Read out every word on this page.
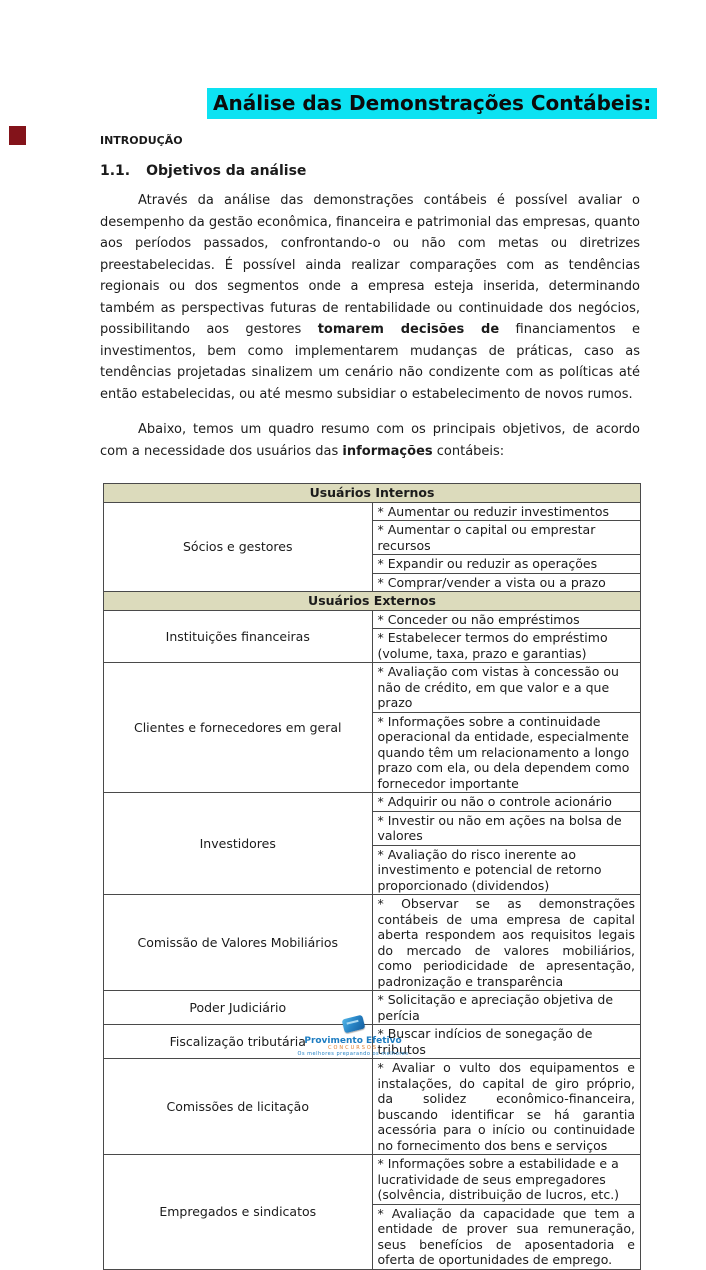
Análise das Demonstrações Contábeis:
INTRODUÇÃO
1.1. Objetivos da análise

Através da análise das demonstrações contábeis é possível avaliar o desempenho da gestão econômica, financeira e patrimonial das empresas, quanto aos períodos passados, confrontando-o ou não com metas ou diretrizes preestabelecidas. É possível ainda realizar comparações com as tendências regionais ou dos segmentos onde a empresa esteja inserida, determinando também as perspectivas futuras de rentabilidade ou continuidade dos negócios, possibilitando aos gestores tomarem decisões de financiamentos e investimentos, bem como implementarem mudanças de práticas, caso as tendências projetadas sinalizem um cenário não condizente com as políticas até então estabelecidas, ou até mesmo subsidiar o estabelecimento de novos rumos.

Abaixo, temos um quadro resumo com os principais objetivos, de acordo com a necessidade dos usuários das informações contábeis:

Usuários Internos	
Sócios e gestores	* Aumentar ou reduzir investimentos
	* Aumentar o capital ou emprestar recursos
	* Expandir ou reduzir as operações
	* Comprar/vender a vista ou a prazo
Usuários Externos	
Instituições financeiras	* Conceder ou não empréstimos
	* Estabelecer termos do empréstimo (volume, taxa, prazo e garantias)
Clientes e fornecedores em geral	* Avaliação com vistas à concessão ou não de crédito, em que valor e a que prazo
	* Informações sobre a continuidade operacional da entidade, especialmente quando têm um relacionamento a longo prazo com ela, ou dela dependem como fornecedor importante
Investidores	* Adquirir ou não o controle acionário
	* Investir ou não em ações na bolsa de valores
	* Avaliação do risco inerente ao investimento e potencial de retorno proporcionado (dividendos)
Comissão de Valores Mobiliários	* Observar se as demonstrações contábeis de uma empresa de capital aberta respondem aos requisitos legais do mercado de valores mobiliários, como periodicidade de apresentação, padronização e transparência
Poder Judiciário	* Solicitação e apreciação objetiva de perícia
Fiscalização tributária	* Buscar indícios de sonegação de tributos
Comissões de licitação	* Avaliar o vulto dos equipamentos e instalações, do capital de giro próprio, da solidez econômico-financeira, buscando identificar se há garantia acessória para o início ou continuidade no fornecimento dos bens e serviços
Empregados e sindicatos	* Informações sobre a estabilidade e a lucratividade de seus empregadores (solvência, distribuição de lucros, etc.)
	* Avaliação da capacidade que tem a entidade de prover sua remuneração, seus benefícios de aposentadoria e oferta de oportunidades de emprego.
Provimento Efetivo
CONCURSOS
Os melhores preparando os melhores
